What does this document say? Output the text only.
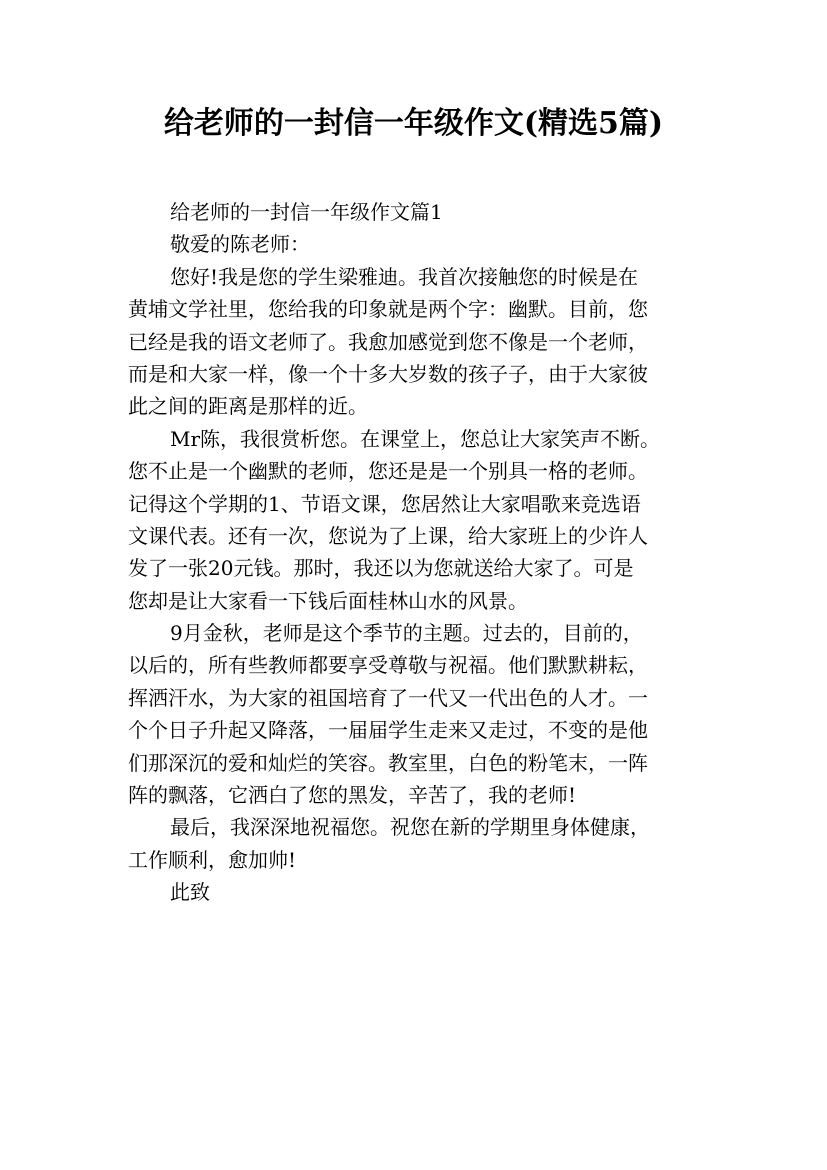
给老师的一封信一年级作文(精选5篇)
给老师的一封信一年级作文篇1
敬爱的陈老师：
您好!我是您的学生梁雅迪。我首次接触您的时候是在
黄埔文学社里，您给我的印象就是两个字：幽默。目前，您
已经是我的语文老师了。我愈加感觉到您不像是一个老师，
而是和大家一样，像一个十多大岁数的孩子子，由于大家彼
此之间的距离是那样的近。
Mr陈，我很赏析您。在课堂上，您总让大家笑声不断。
您不止是一个幽默的老师，您还是是一个别具一格的老师。
记得这个学期的1、节语文课，您居然让大家唱歌来竞选语
文课代表。还有一次，您说为了上课，给大家班上的少许人
发了一张20元钱。那时，我还以为您就送给大家了。可是
您却是让大家看一下钱后面桂林山水的风景。
9月金秋，老师是这个季节的主题。过去的，目前的，
以后的，所有些教师都要享受尊敬与祝福。他们默默耕耘，
挥洒汗水，为大家的祖国培育了一代又一代出色的人才。一
个个日子升起又降落，一届届学生走来又走过，不变的是他
们那深沉的爱和灿烂的笑容。教室里，白色的粉笔末，一阵
阵的飘落，它洒白了您的黑发，辛苦了，我的老师!
最后，我深深地祝福您。祝您在新的学期里身体健康，
工作顺利，愈加帅!
此致
